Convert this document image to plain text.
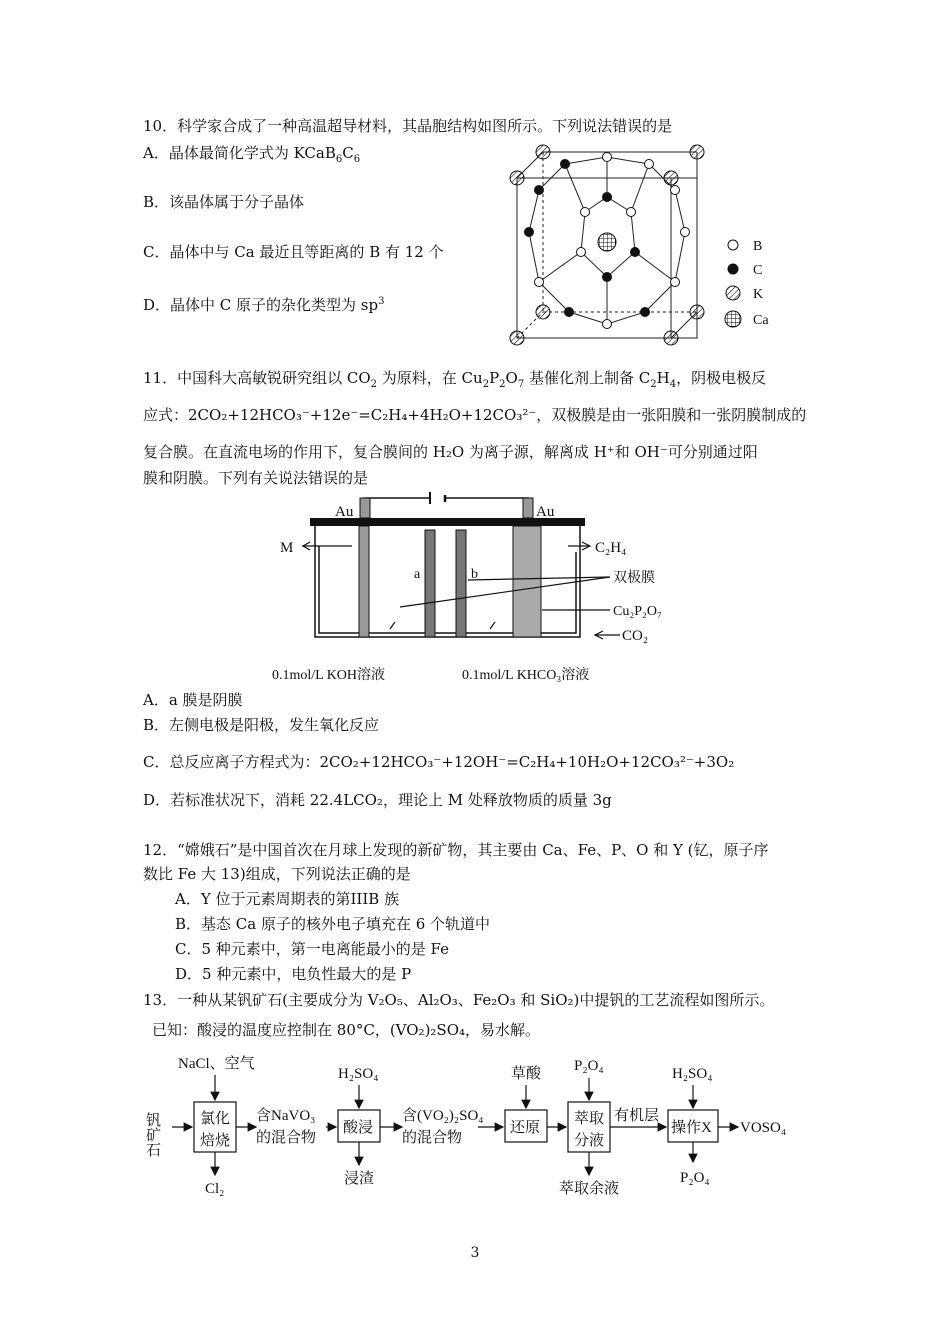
10．科学家合成了一种高温超导材料，其晶胞结构如图所示。下列说法错误的是
A．晶体最简化学式为 $KCaB_6C_6$
B．该晶体属于分子晶体
C．晶体中与 Ca 最近且等距离的 B 有 12 个
D．晶体中 C 原子的杂化类型为 $sp^3$
B
C
K
Ca
11．中国科大高敏锐研究组以 $CO_2$ 为原料，在 $Cu_2P_2O_7$ 基催化剂上制备 $C_2H_4$，阴极电极反
应式：2CO₂+12HCO₃⁻+12e⁻=C₂H₄+4H₂O+12CO₃²⁻，双极膜是由一张阳膜和一张阴膜制成的
复合膜。在直流电场的作用下，复合膜间的 H₂O 为离子源，解离成 H⁺和 OH⁻可分别通过阳
膜和阴膜。下列有关说法错误的是
Au	Au
M	C₂H₄
a	b	双极膜
Cu₂P₂O₇
CO₂
0.1mol/L KOH溶液	0.1mol/L KHCO₃溶液
A．a 膜是阴膜
B．左侧电极是阳极，发生氧化反应
C．总反应离子方程式为：2CO₂+12HCO₃⁻+12OH⁻=C₂H₄+10H₂O+12CO₃²⁻+3O₂
D．若标准状况下，消耗 22.4LCO₂，理论上 M 处释放物质的质量 3g
12．“嫦娥石”是中国首次在月球上发现的新矿物，其主要由 Ca、Fe、P、O 和 Y (钇，原子序
数比 Fe 大 13)组成，下列说法正确的是
A．Y 位于元素周期表的第IIIB 族
B．基态 Ca 原子的核外电子填充在 6 个轨道中
C．5 种元素中，第一电离能最小的是 Fe
D．5 种元素中，电负性最大的是 P
13．一种从某钒矿石(主要成分为 V₂O₅、Al₂O₃、Fe₂O₃ 和 SiO₂)中提钒的工艺流程如图所示。
已知：酸浸的温度应控制在 80°C，(VO₂)₂SO₄，易水解。
钒矿石
NaCl、空气
氯化
焙烧
Cl₂
含NaVO₃
的混合物
H₂SO₄
酸浸
浸渣
含(VO₂)₂SO₄
的混合物
草酸
还原
P₂O₄
萃取
分液
萃取余液
有机层
H₂SO₄
操作X
P₂O₄
VOSO₄
3
